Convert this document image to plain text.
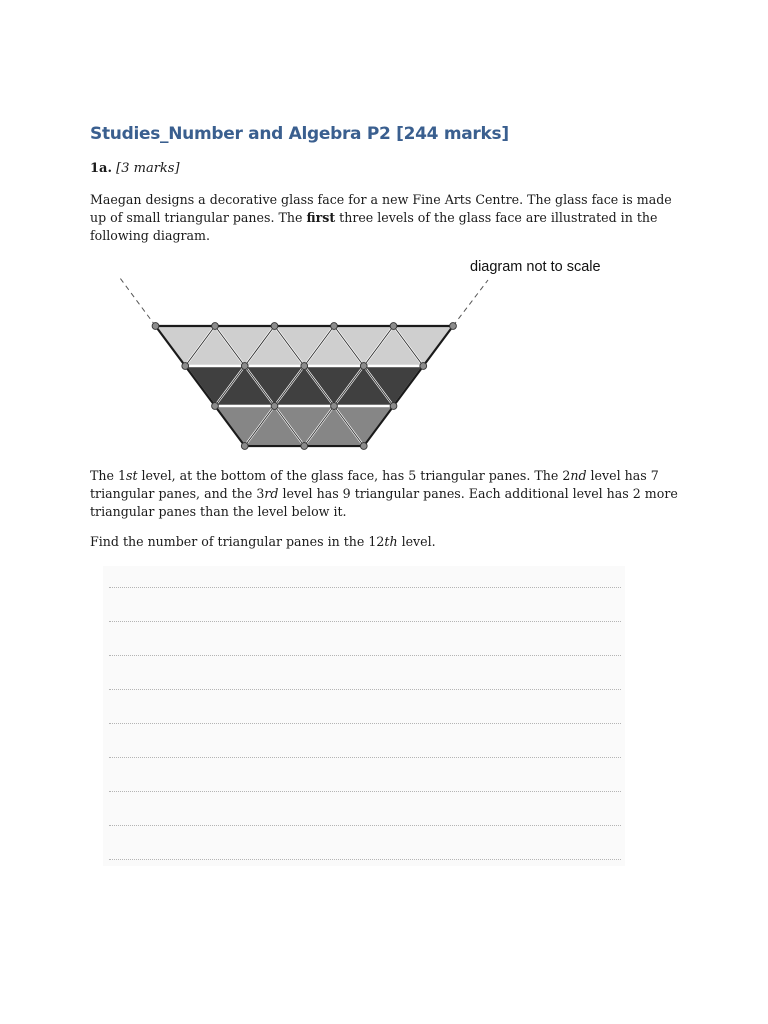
Studies_Number and Algebra P2 [244 marks]
1a. [3 marks]
Maegan designs a decorative glass face for a new Fine Arts Centre. The glass face is made
up of small triangular panes. The first three levels of the glass face are illustrated in the
following diagram.
diagram not to scale
The 1st level, at the bottom of the glass face, has 5 triangular panes. The 2nd level has 7
triangular panes, and the 3rd level has 9 triangular panes. Each additional level has 2 more
triangular panes than the level below it.
Find the number of triangular panes in the 12th level.
